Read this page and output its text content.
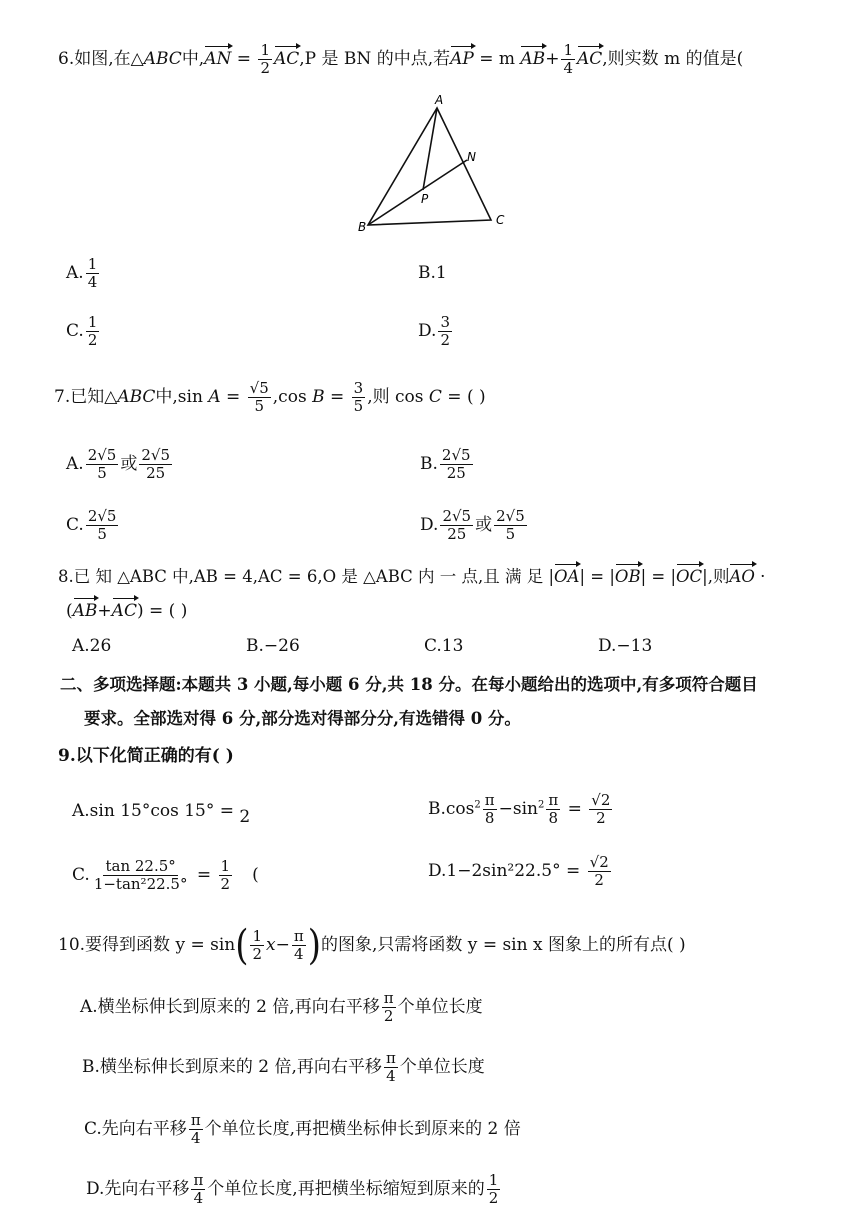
6.如图,在△ABC中$,AN = \frac{1}{2} AC,P$ 是 BN 的中点,若AP = m $AB+ \frac{1}{4}$ AC,则实数 m 的值是(
A
B	C
N
P
A. $\frac{1}{4}$	B.1
C. $\frac{1}{2}$	D. $\frac{3}{2}$
7.已知△ABC中,sin $A = \frac{√5}{5} ,\cos$ $B = \frac{3}{5}$ ,则 cos C = ( )
A. $\frac{2√5}{5}$ 或 $\frac{2√5}{25}$	B. $\frac{2√5}{25}$
C. $\frac{2√5}{5}$	D. $\frac{2√5}{25}$ 或 $\frac{2√5}{5}$
8.已 知 △ABC 中,AB = 4,AC = 6,O 是 △ABC 内 一 点,且 满 足 |OA| = |OB| = |OC|,则AO ·
(AB+AC) = ( )
A.26	B.−26	C.13	D.−13
二、多项选择题:本题共 3 小题,每小题 6 分,共 18 分。在每小题给出的选项中,有多项符合题目
要求。全部选对得 6 分,部分选对得部分分,有选错得 0 分。
9.以下化简正确的有( )
A.sin 15°cos 15° = 2	$B.\cos^2 \frac{\pi}{8} -\sin^2 \frac{\pi}{8} = \frac{√2}{2}$
C. $\frac{\tan 22.5^\circ}{\text{1−tan²22.5°}} = \frac{1}{2}$ (	$D.1-2\sin^222.5^\circ = \frac{√2}{2}$
10.要得到函数 $y = \sin( \frac{1}{2} x- \frac{\pi}{4}$ )的图象,只需将函数 y = sin x 图象上的所有点( )
A.横坐标伸长到原来的 2 倍,再向右平移 $\frac{\pi}{2}$ 个单位长度
B.横坐标伸长到原来的 2 倍,再向右平移 $\frac{\pi}{4}$ 个单位长度
C.先向右平移 $\frac{\pi}{4}$ 个单位长度,再把横坐标伸长到原来的 2 倍
D.先向右平移 $\frac{\pi}{4}$ 个单位长度,再把横坐标缩短到原来的 $\frac{1}{2}$
